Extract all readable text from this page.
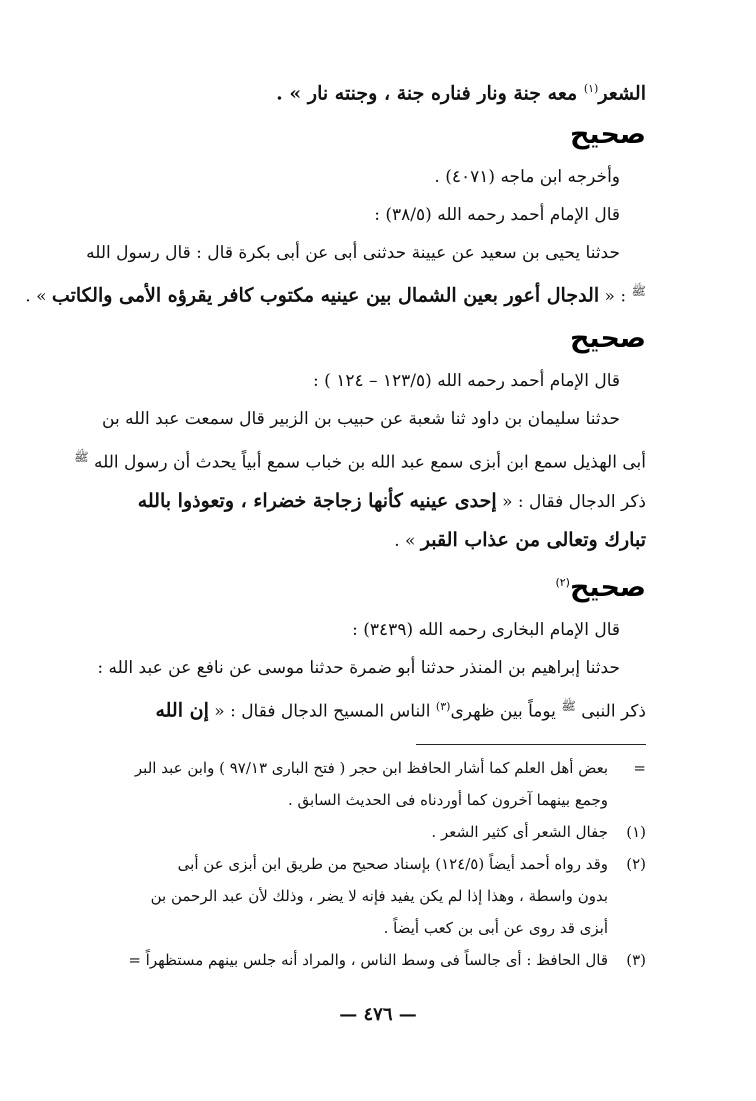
الشعر$^{(١)}$ معه جنة ونار فناره جنة ، وجنته نار » .
صحيح
وأخرجه ابن ماجه (٤٠٧١) .
قال الإمام أحمد رحمه الله (٣٨/٥) :
حدثنا يحيى بن سعيد عن عيينة حدثنى أبى عن أبى بكرة قال : قال رسول الله
$^ﷺ$ : « الدجال أعور بعين الشمال بين عينيه مكتوب كافر يقرؤه الأمى والكاتب » .
صحيح
قال الإمام أحمد رحمه الله (١٢٣/٥ – ١٢٤ ) :
حدثنا سليمان بن داود ثنا شعبة عن حبيب بن الزبير قال سمعت عبد الله بن
أبى الهذيل سمع ابن أبزى سمع عبد الله بن خباب سمع أبياً يحدث أن رسول الله $^ﷺ$
ذكر الدجال فقال : « إحدى عينيه كأنها زجاجة خضراء ، وتعوذوا بالله
تبارك وتعالى من عذاب القبر » .
صحيح$^{(٢)}$
قال الإمام البخارى رحمه الله (٣٤٣٩) :
حدثنا إبراهيم بن المنذر حدثنا أبو ضمرة حدثنا موسى عن نافع عن عبد الله :
ذكر النبى $^ﷺ$ يوماً بين ظهرى$^{(٣)}$ الناس المسيح الدجال فقال : « إن الله
=
بعض أهل العلم كما أشار الحافظ ابن حجر ( فتح البارى ٩٧/١٣ ) وابن عبد البر
وجمع بينهما آخرون كما أوردناه فى الحديث السابق .
(١)
جفال الشعر أى كثير الشعر .
(٢)
وقد رواه أحمد أيضاً (١٢٤/٥) بإسناد صحيح من طريق ابن أبزى عن أبى
بدون واسطة ، وهذا إذا لم يكن يفيد فإنه لا يضر ، وذلك لأن عبد الرحمن بن
أبزى قد روى عن أبى بن كعب أيضاً .
(٣)
قال الحافظ : أى جالساً فى وسط الناس ، والمراد أنه جلس بينهم مستظهراً =
— ٤٧٦ —
